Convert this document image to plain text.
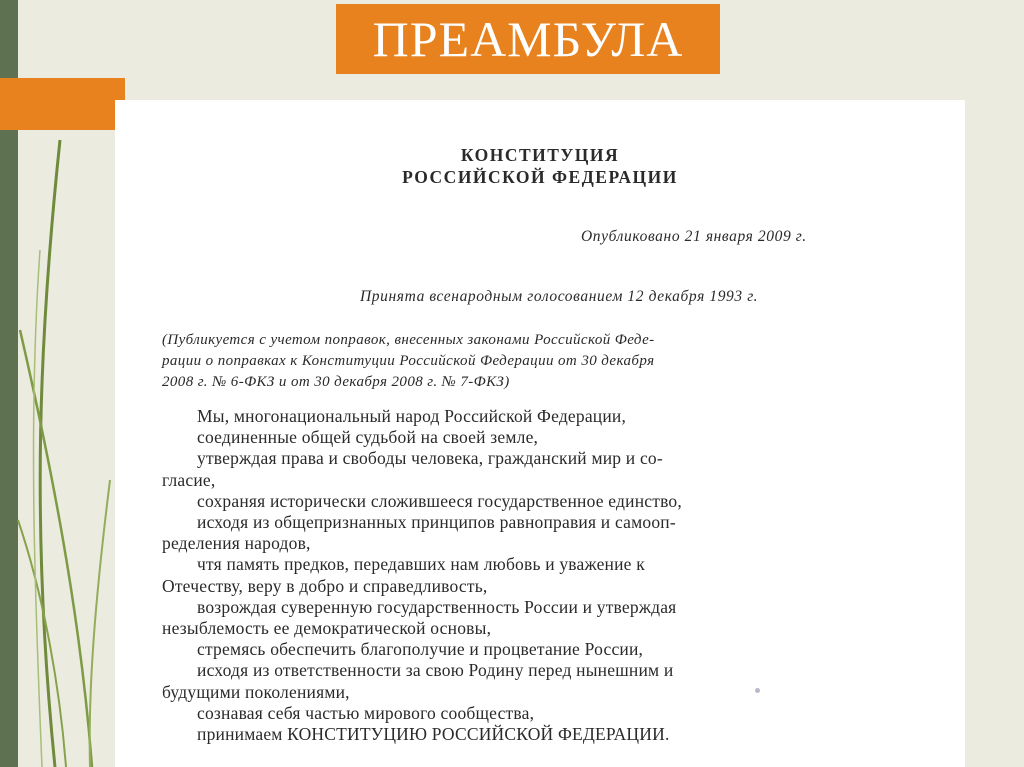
ПРЕАМБУЛА
КОНСТИТУЦИЯ
РОССИЙСКОЙ ФЕДЕРАЦИИ
Опубликовано 21 января 2009 г.
Принята всенародным голосованием 12 декабря 1993 г.
(Публикуется с учетом поправок, внесенных законами Российской Феде-
рации о поправках к Конституции Российской Федерации от 30 декабря
2008 г. № 6-ФКЗ и от 30 декабря 2008 г. № 7-ФКЗ)
Мы, многонациональный народ Российской Федерации,
соединенные общей судьбой на своей земле,
утверждая права и свободы человека, гражданский мир и со-
гласие,
сохраняя исторически сложившееся государственное единство,
исходя из общепризнанных принципов равноправия и самооп-
ределения народов,
чтя память предков, передавших нам любовь и уважение к
Отечеству, веру в добро и справедливость,
возрождая суверенную государственность России и утверждая
незыблемость ее демократической основы,
стремясь обеспечить благополучие и процветание России,
исходя из ответственности за свою Родину перед нынешним и
будущими поколениями,
сознавая себя частью мирового сообщества,
принимаем КОНСТИТУЦИЮ РОССИЙСКОЙ ФЕДЕРАЦИИ.
